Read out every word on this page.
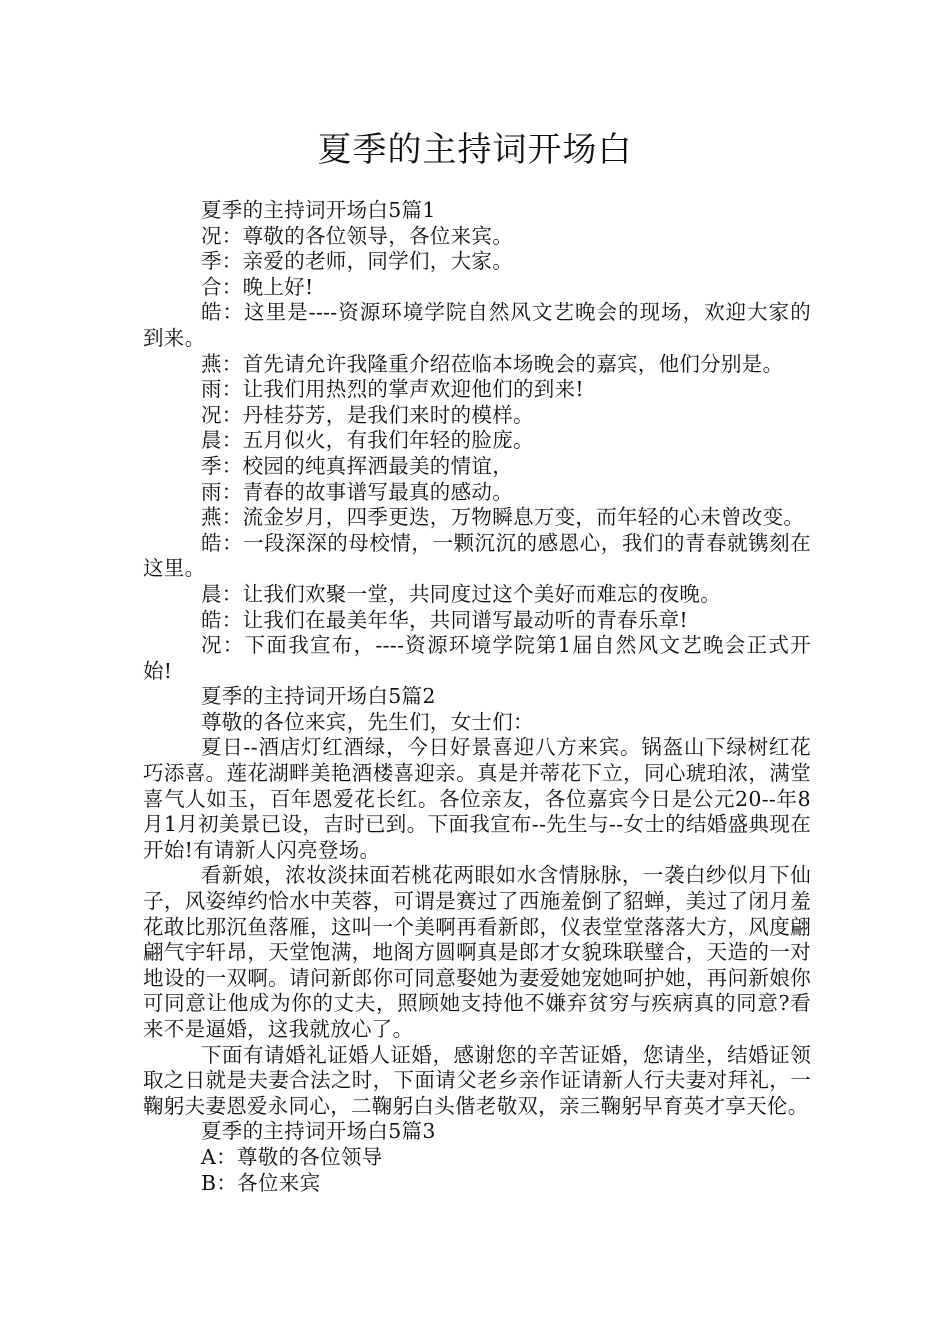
夏季的主持词开场白

夏季的主持词开场白5篇1

况：尊敬的各位领导，各位来宾。

季：亲爱的老师，同学们，大家。

合：晚上好!

皓：这里是----资源环境学院自然风文艺晚会的现场，欢迎大家的到来。

燕：首先请允许我隆重介绍莅临本场晚会的嘉宾，他们分别是。

雨：让我们用热烈的掌声欢迎他们的到来!

况：丹桂芬芳，是我们来时的模样。

晨：五月似火，有我们年轻的脸庞。

季：校园的纯真挥洒最美的情谊，

雨：青春的故事谱写最真的感动。

燕：流金岁月，四季更迭，万物瞬息万变，而年轻的心未曾改变。

皓：一段深深的母校情，一颗沉沉的感恩心，我们的青春就镌刻在这里。

晨：让我们欢聚一堂，共同度过这个美好而难忘的夜晚。

皓：让我们在最美年华，共同谱写最动听的青春乐章!

况：下面我宣布，----资源环境学院第1届自然风文艺晚会正式开始!

夏季的主持词开场白5篇2

尊敬的各位来宾，先生们，女士们：

夏日--酒店灯红酒绿，今日好景喜迎八方来宾。锅盔山下绿树红花巧添喜。莲花湖畔美艳酒楼喜迎亲。真是并蒂花下立，同心琥珀浓，满堂喜气人如玉，百年恩爱花长红。各位亲友，各位嘉宾今日是公元20--年8月1月初美景已设，吉时已到。下面我宣布--先生与--女士的结婚盛典现在开始!有请新人闪亮登场。

看新娘，浓妆淡抹面若桃花两眼如水含情脉脉，一袭白纱似月下仙子，风姿绰约恰水中芙蓉，可谓是赛过了西施羞倒了貂蝉，美过了闭月羞花敢比那沉鱼落雁，这叫一个美啊再看新郎，仪表堂堂落落大方，风度翩翩气宇轩昂，天堂饱满，地阁方圆啊真是郎才女貌珠联璧合，天造的一对地设的一双啊。请问新郎你可同意娶她为妻爱她宠她呵护她，再问新娘你可同意让他成为你的丈夫，照顾她支持他不嫌弃贫穷与疾病真的同意?看来不是逼婚，这我就放心了。

下面有请婚礼证婚人证婚，感谢您的辛苦证婚，您请坐，结婚证领取之日就是夫妻合法之时，下面请父老乡亲作证请新人行夫妻对拜礼，一鞠躬夫妻恩爱永同心，二鞠躬白头偕老敬双，亲三鞠躬早育英才享天伦。

夏季的主持词开场白5篇3

A：尊敬的各位领导

B：各位来宾
